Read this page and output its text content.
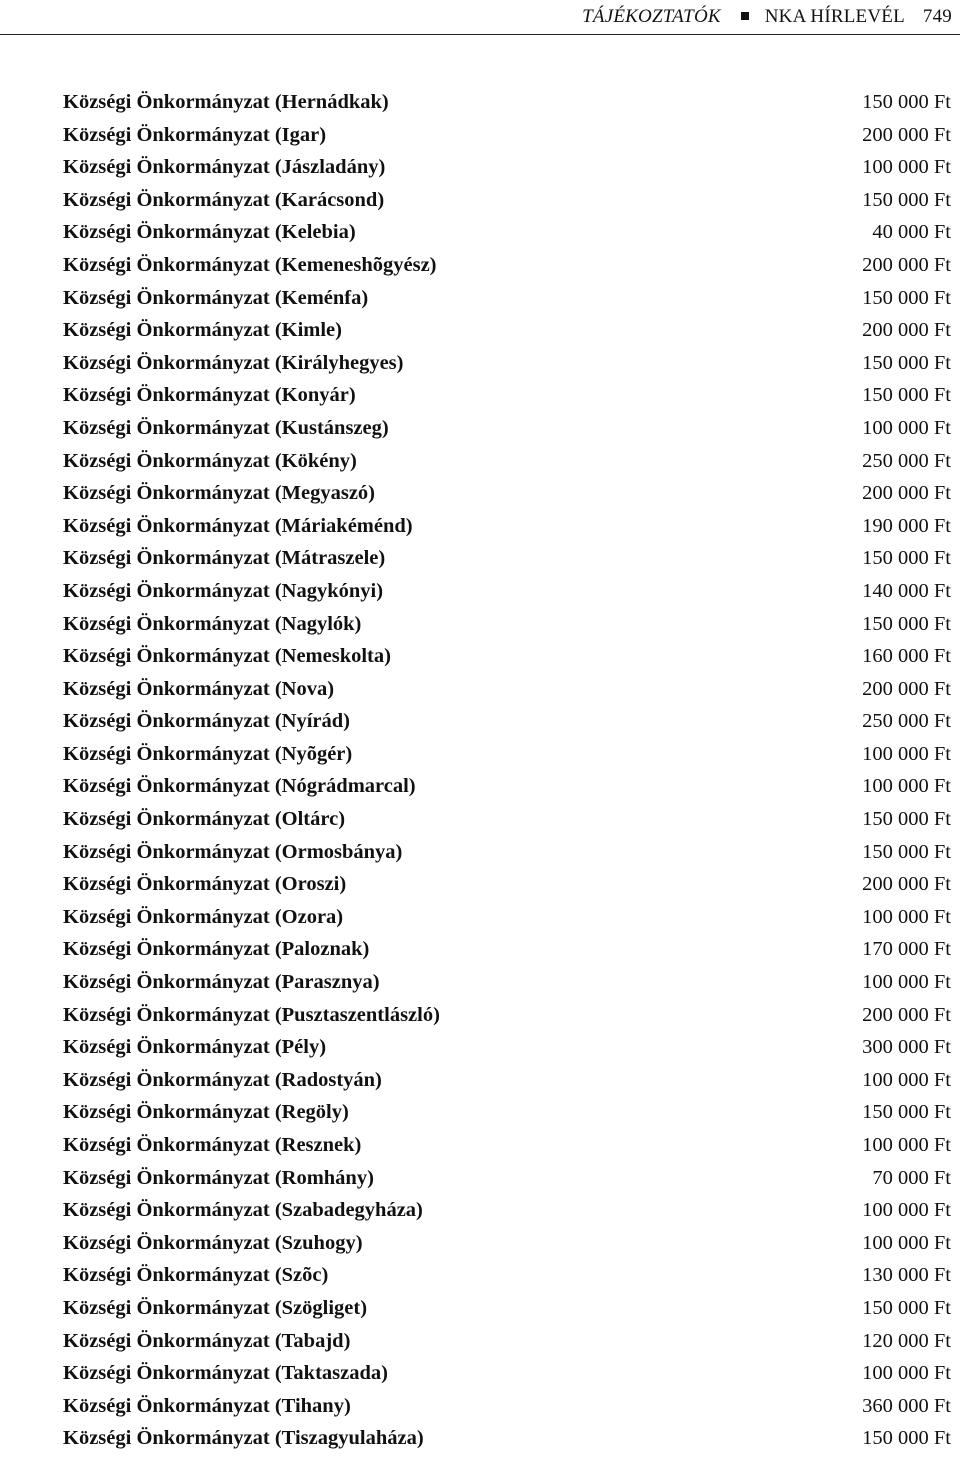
TÁJÉKOZTATÓK NKA HÍRLEVÉL 749
Községi Önkormányzat (Hernádkak)	150 000 Ft
Községi Önkormányzat (Igar)	200 000 Ft
Községi Önkormányzat (Jászladány)	100 000 Ft
Községi Önkormányzat (Karácsond)	150 000 Ft
Községi Önkormányzat (Kelebia)	40 000 Ft
Községi Önkormányzat (Kemeneshõgyész)	200 000 Ft
Községi Önkormányzat (Keménfa)	150 000 Ft
Községi Önkormányzat (Kimle)	200 000 Ft
Községi Önkormányzat (Királyhegyes)	150 000 Ft
Községi Önkormányzat (Konyár)	150 000 Ft
Községi Önkormányzat (Kustánszeg)	100 000 Ft
Községi Önkormányzat (Kökény)	250 000 Ft
Községi Önkormányzat (Megyaszó)	200 000 Ft
Községi Önkormányzat (Máriakéménd)	190 000 Ft
Községi Önkormányzat (Mátraszele)	150 000 Ft
Községi Önkormányzat (Nagykónyi)	140 000 Ft
Községi Önkormányzat (Nagylók)	150 000 Ft
Községi Önkormányzat (Nemeskolta)	160 000 Ft
Községi Önkormányzat (Nova)	200 000 Ft
Községi Önkormányzat (Nyírád)	250 000 Ft
Községi Önkormányzat (Nyõgér)	100 000 Ft
Községi Önkormányzat (Nógrádmarcal)	100 000 Ft
Községi Önkormányzat (Oltárc)	150 000 Ft
Községi Önkormányzat (Ormosbánya)	150 000 Ft
Községi Önkormányzat (Oroszi)	200 000 Ft
Községi Önkormányzat (Ozora)	100 000 Ft
Községi Önkormányzat (Paloznak)	170 000 Ft
Községi Önkormányzat (Parasznya)	100 000 Ft
Községi Önkormányzat (Pusztaszentlászló)	200 000 Ft
Községi Önkormányzat (Pély)	300 000 Ft
Községi Önkormányzat (Radostyán)	100 000 Ft
Községi Önkormányzat (Regöly)	150 000 Ft
Községi Önkormányzat (Resznek)	100 000 Ft
Községi Önkormányzat (Romhány)	70 000 Ft
Községi Önkormányzat (Szabadegyháza)	100 000 Ft
Községi Önkormányzat (Szuhogy)	100 000 Ft
Községi Önkormányzat (Szõc)	130 000 Ft
Községi Önkormányzat (Szögliget)	150 000 Ft
Községi Önkormányzat (Tabajd)	120 000 Ft
Községi Önkormányzat (Taktaszada)	100 000 Ft
Községi Önkormányzat (Tihany)	360 000 Ft
Községi Önkormányzat (Tiszagyulaháza)	150 000 Ft
